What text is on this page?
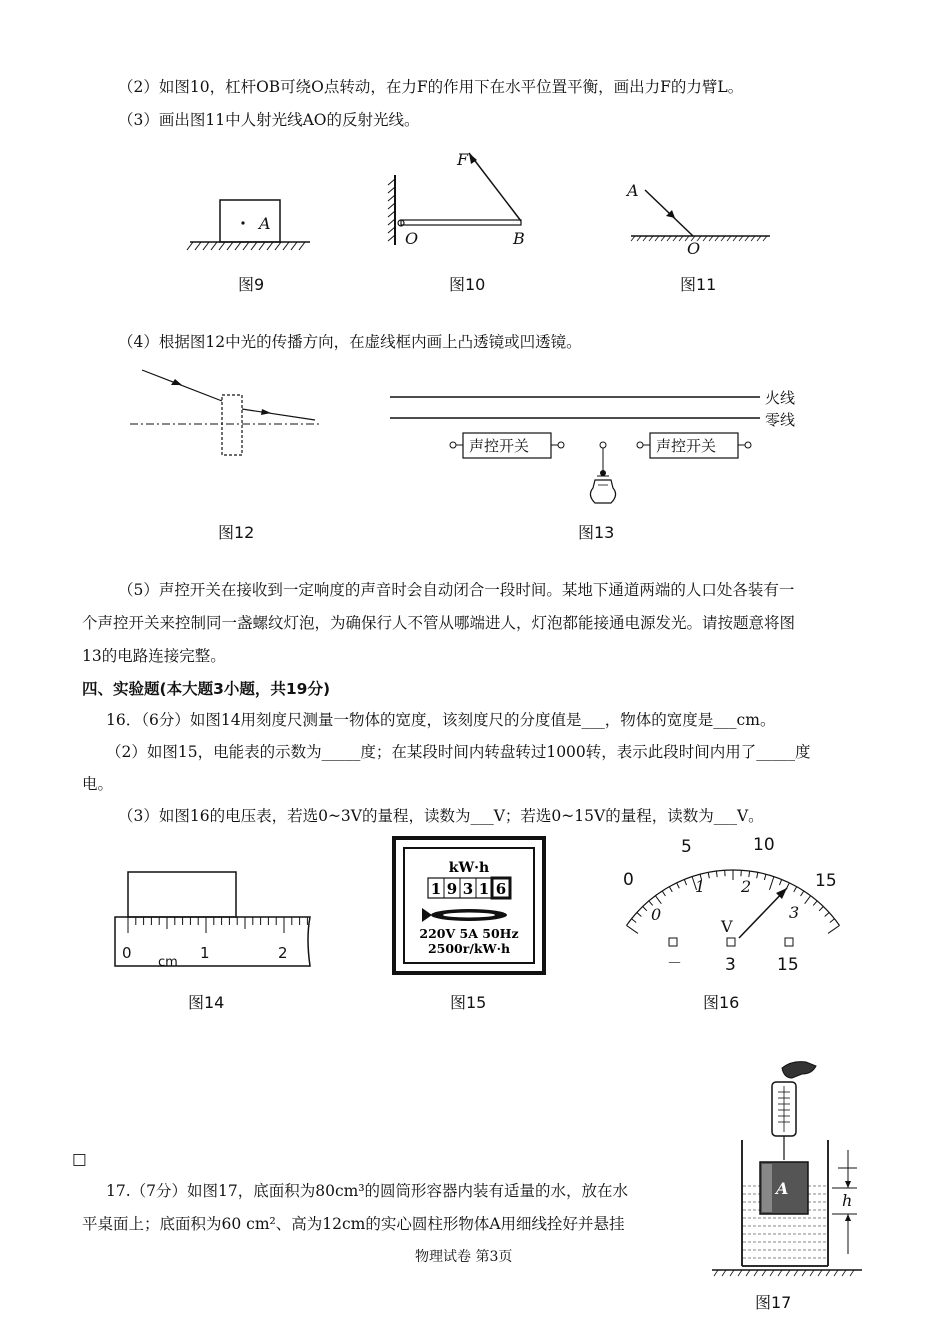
（2）如图10，杠杆OB可绕O点转动，在力F的作用下在水平位置平衡，画出力F的力臂L。
（3）画出图11中人射光线AO的反射光线。
A
图9
F
O	B
图10
A
O
图11
（4）根据图12中光的传播方向，在虚线框内画上凸透镜或凹透镜。
图12
火线
零线
声控开关	声控开关
图13
（5）声控开关在接收到一定响度的声音时会自动闭合一段时间。某地下通道两端的人口处各装有一
个声控开关来控制同一盏螺纹灯泡，为确保行人不管从哪端进人，灯泡都能接通电源发光。请按题意将图
13的电路连接完整。
四、实验题(本大题3小题，共19分)
16．（6分）如图14用刻度尺测量一物体的宽度，该刻度尺的分度值是___，物体的宽度是___cm。
（2）如图15，电能表的示数为_____度；在某段时间内转盘转过1000转，表示此段时间内用了_____度
电。
（3）如图16的电压表，若选0~3V的量程，读数为___V；若选0~15V的量程，读数为___V。
0	1	2
cm
图14
kW·h
1 9 3 1 6
220V 5A 50Hz
2500r/kW·h
图15
0
5	10
15
0
1 2
3
V
－	3 15
图16
□
17.（7分）如图17，底面积为80cm³的圆筒形容器内装有适量的水，放在水
平桌面上；底面积为60 cm²、高为12cm的实心圆柱形物体A用细线拴好并悬挂
A
h
图17
物理试卷 第3页
